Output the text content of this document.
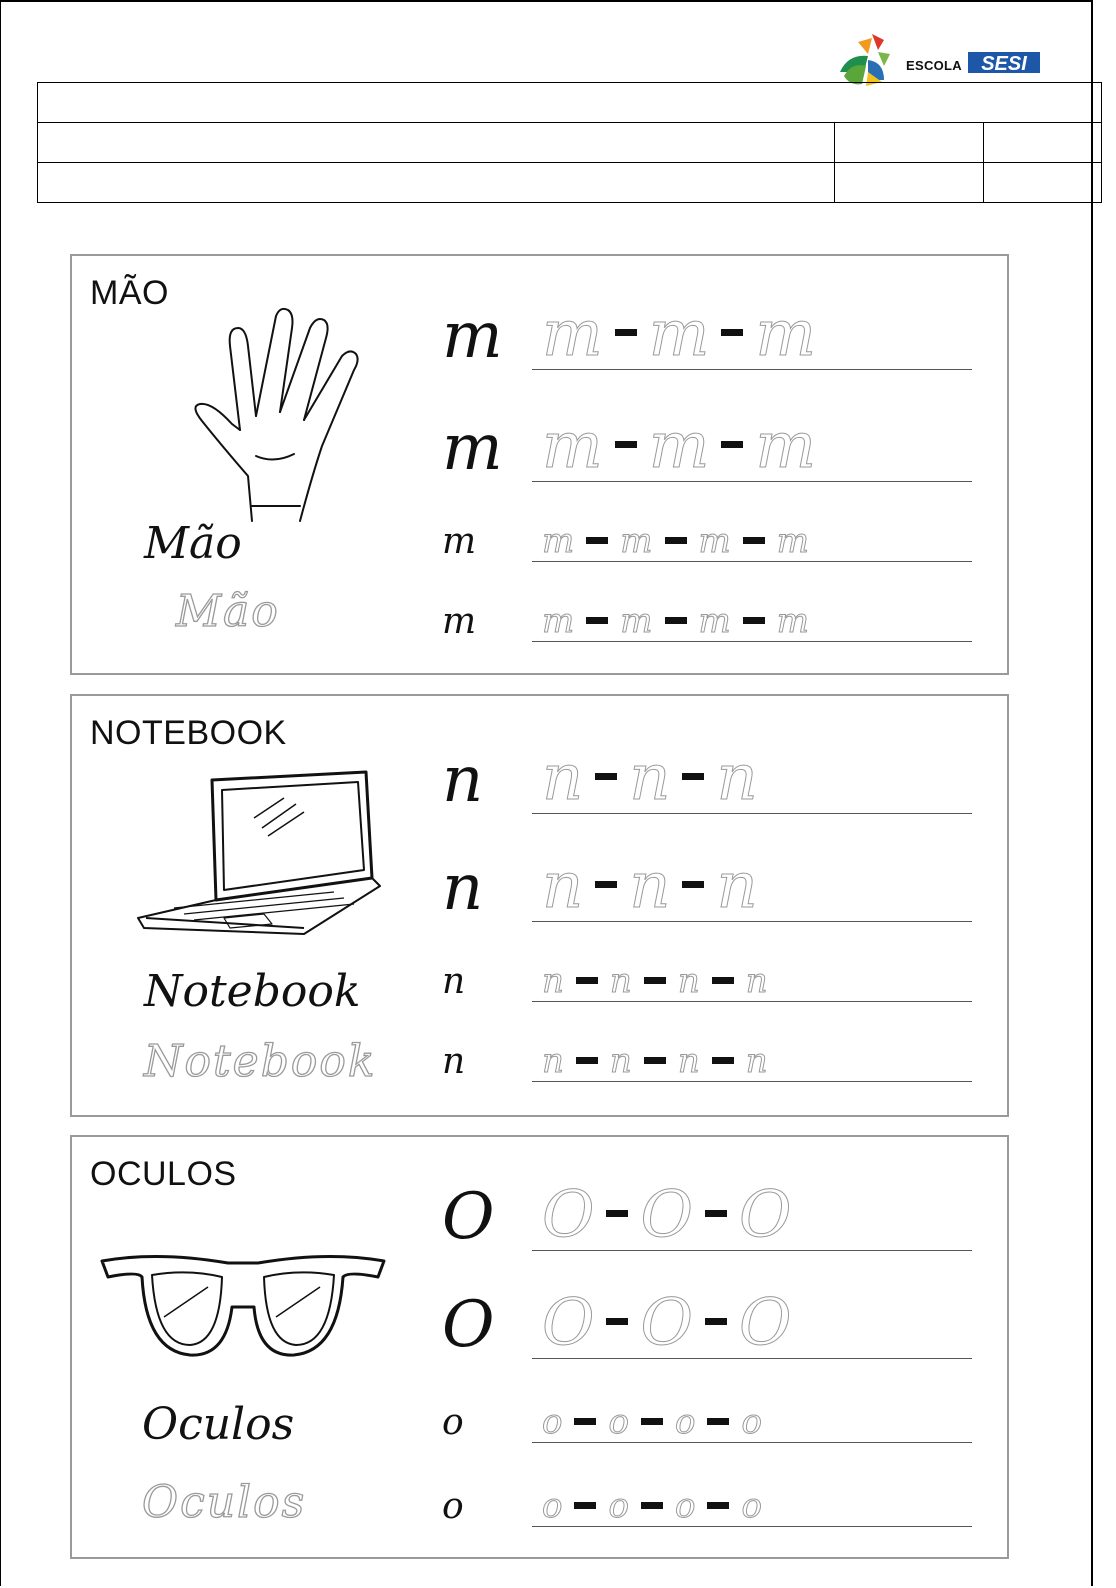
ESCOLA SESI

MÃO
Mão
Mão
m m m m
m m m m
m m m m m
m m m m m
NOTEBOOK
Notebook
Notebook
n n n n
n n n n
n n n n n
n n n n n
OCULOS
Oculos
Oculos
O O O O
O O O O
o o o o o
o o o o o
